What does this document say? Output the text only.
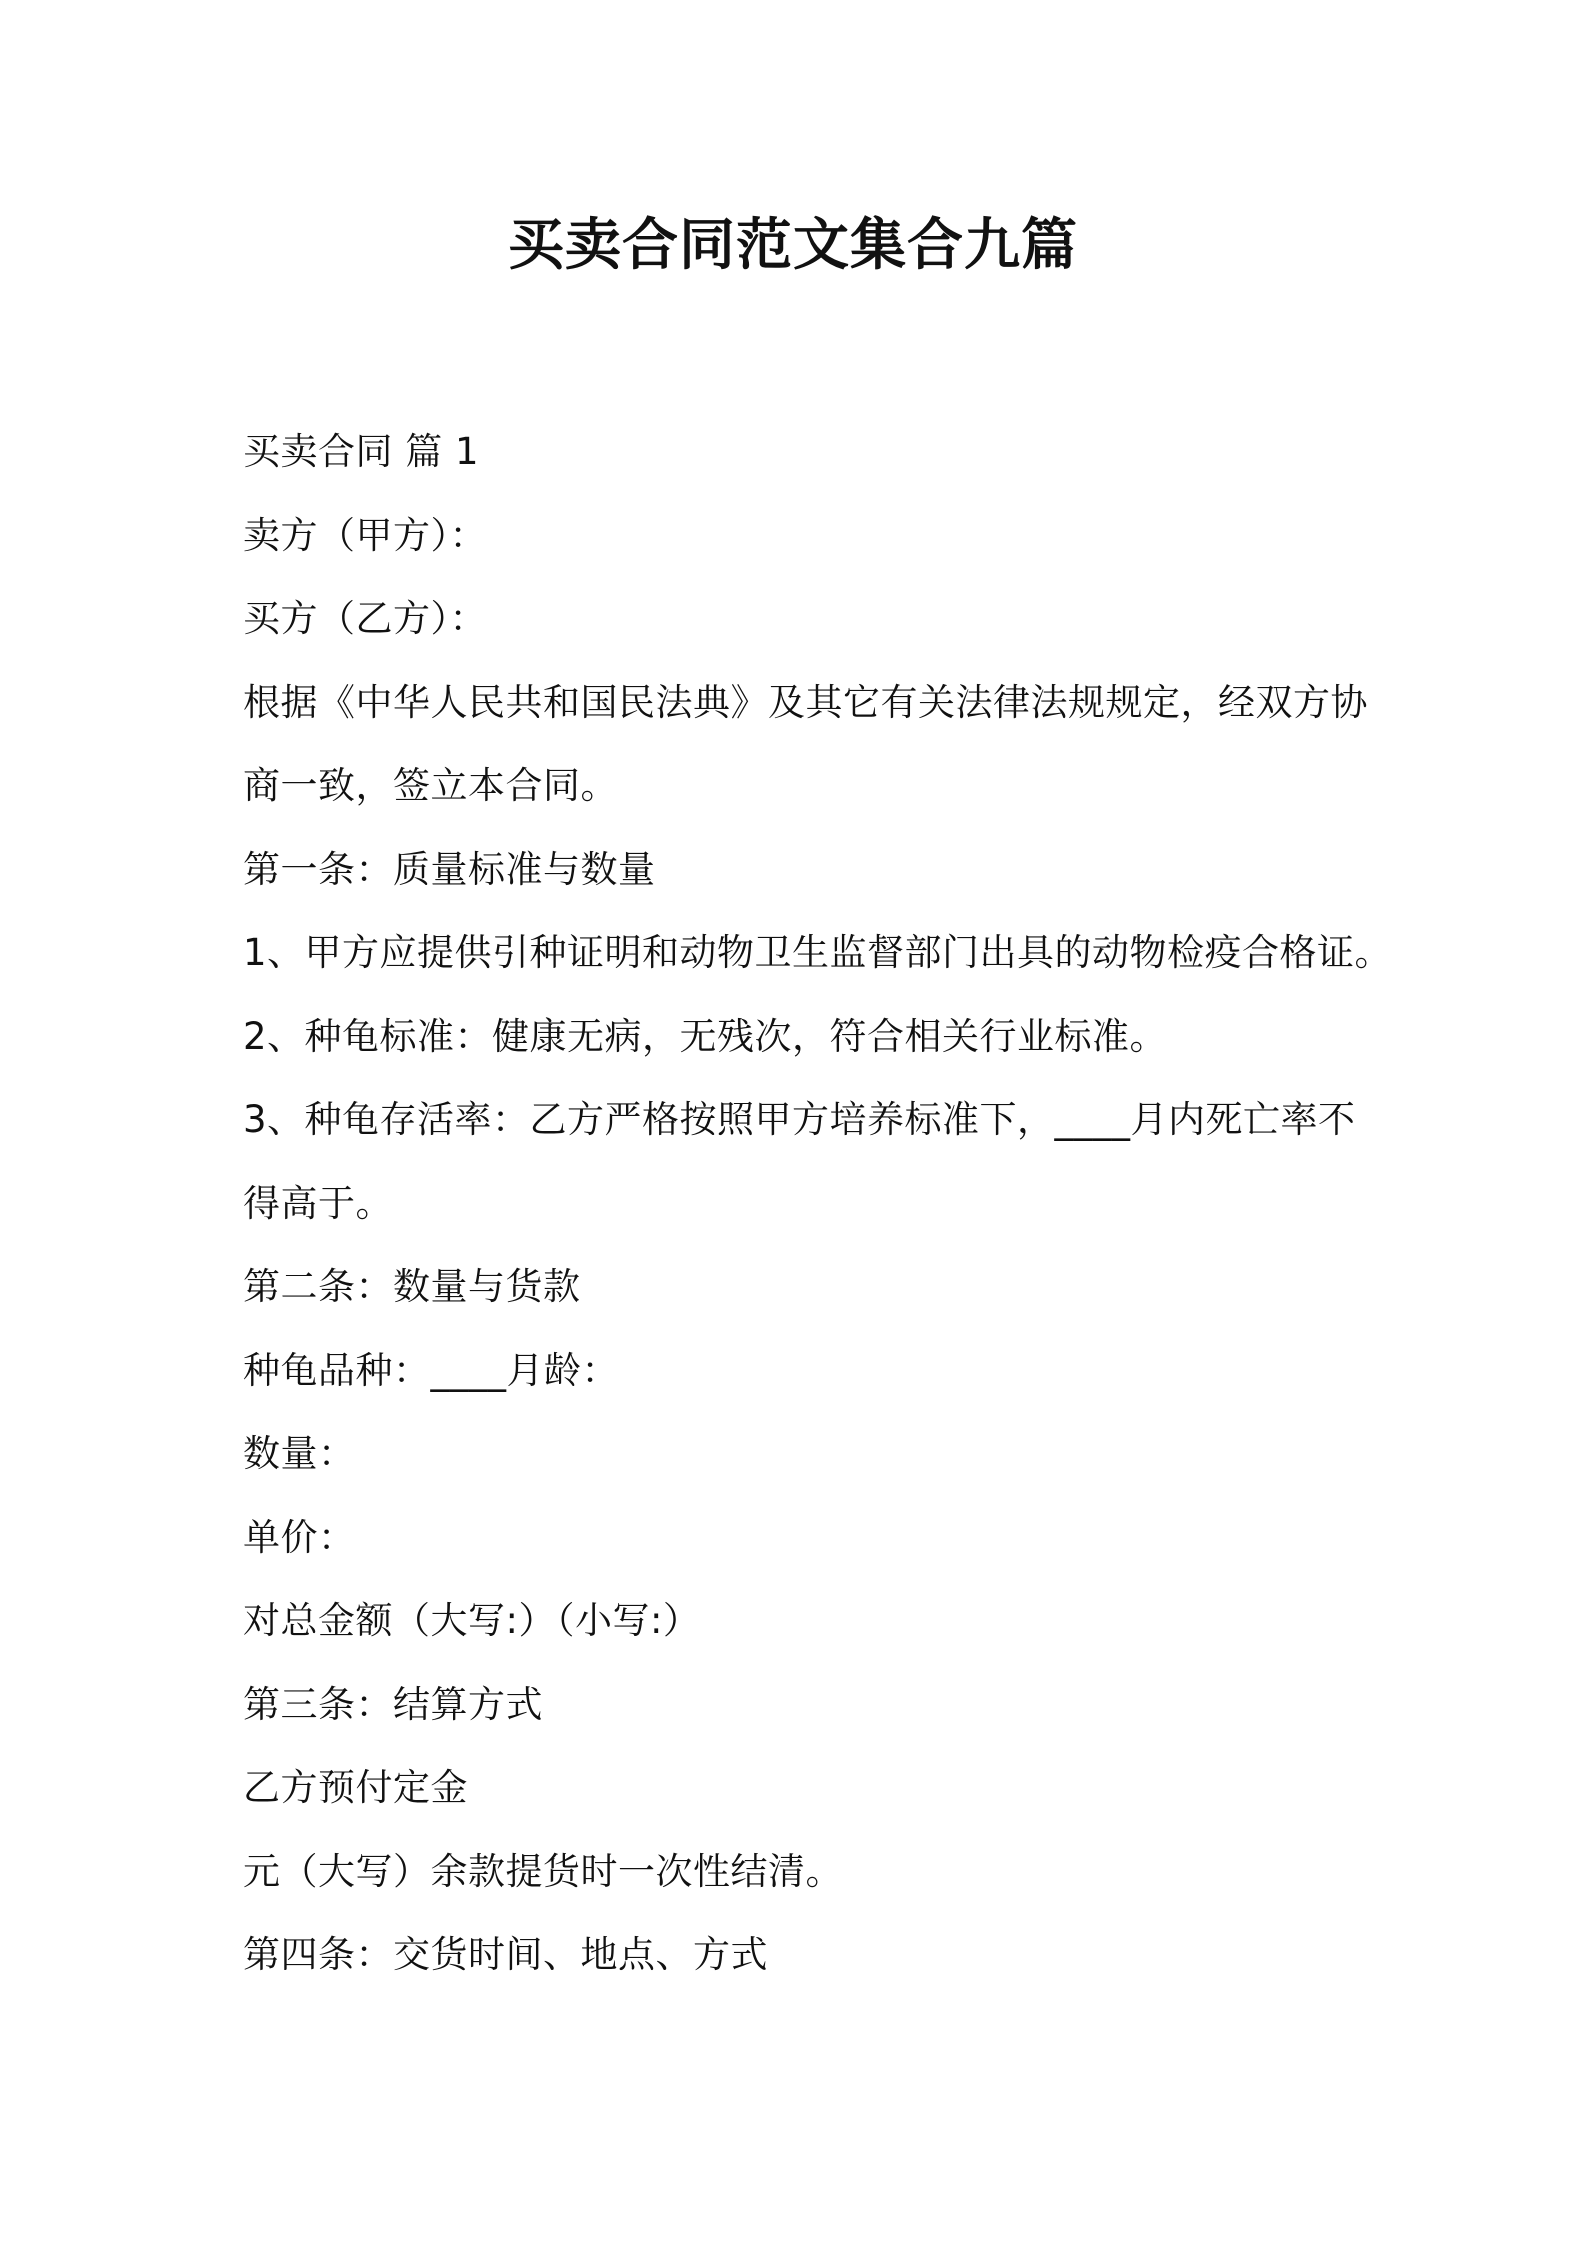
买卖合同范文集合九篇
买卖合同 篇 1
卖方（甲方）：
买方（乙方）：
根据《中华人民共和国民法典》及其它有关法律法规规定，经双方协
商一致，签立本合同。
第一条：质量标准与数量
1、甲方应提供引种证明和动物卫生监督部门出具的动物检疫合格证。
2、种龟标准：健康无病，无残次，符合相关行业标准。
3、种龟存活率：乙方严格按照甲方培养标准下，____月内死亡率不
得高于。
第二条：数量与货款
种龟品种：____月龄：
数量：
单价：
对总金额（大写:）（小写:）
第三条：结算方式
乙方预付定金
元（大写）余款提货时一次性结清。
第四条：交货时间、地点、方式
